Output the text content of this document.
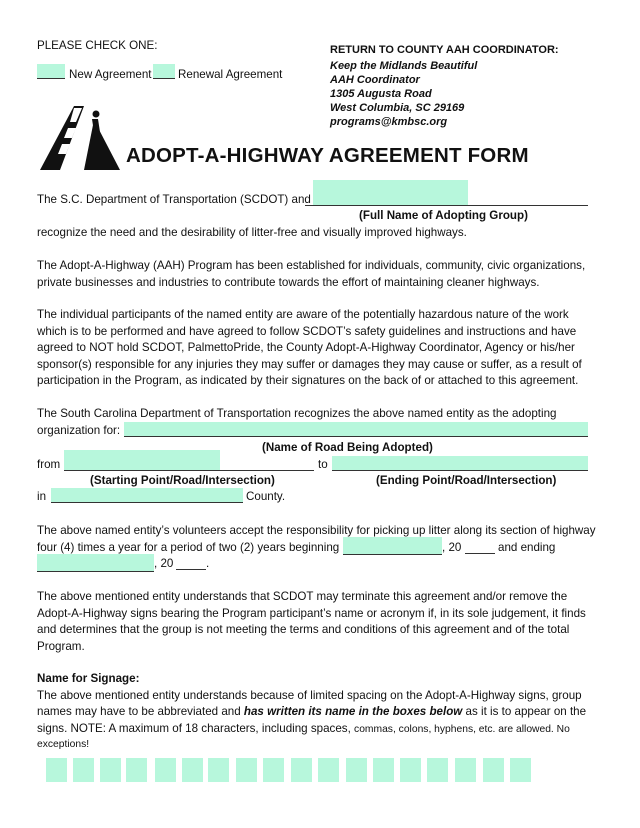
PLEASE CHECK ONE:
New Agreement Renewal Agreement
RETURN TO COUNTY AAH COORDINATOR:
Keep the Midlands Beautiful
AAH Coordinator
1305 Augusta Road
West Columbia, SC 29169
programs@kmbsc.org
ADOPT-A-HIGHWAY AGREEMENT FORM
The S.C. Department of Transportation (SCDOT) and
(Full Name of Adopting Group)
recognize the need and the desirability of litter-free and visually improved highways.
The Adopt-A-Highway (AAH) Program has been established for individuals, community, civic organizations,
private businesses and industries to contribute towards the effort of maintaining cleaner highways.
The individual participants of the named entity are aware of the potentially hazardous nature of the work
which is to be performed and have agreed to follow SCDOT’s safety guidelines and instructions and have
agreed to NOT hold SCDOT, PalmettoPride, the County Adopt-A-Highway Coordinator, Agency or his/her
sponsor(s) responsible for any injuries they may suffer or damages they may cause or suffer, as a result of
participation in the Program, as indicated by their signatures on the back of or attached to this agreement.
The South Carolina Department of Transportation recognizes the above named entity as the adopting
organization for:
(Name of Road Being Adopted)
from	to
(Starting Point/Road/Intersection)	(Ending Point/Road/Intersection)
in	County.
The above named entity’s volunteers accept the responsibility for picking up litter along its section of highway
four (4) times a year for a period of two (2) years beginning	, 20	and ending
, 20	.
The above mentioned entity understands that SCDOT may terminate this agreement and/or remove the
Adopt-A-Highway signs bearing the Program participant’s name or acronym if, in its sole judgement, it finds
and determines that the group is not meeting the terms and conditions of this agreement and of the total
Program.
Name for Signage:
The above mentioned entity understands because of limited spacing on the Adopt-A-Highway signs, group
names may have to be abbreviated and has written its name in the boxes below as it is to appear on the
signs. NOTE: A maximum of 18 characters, including spaces, commas, colons, hyphens, etc. are allowed. No
exceptions!
